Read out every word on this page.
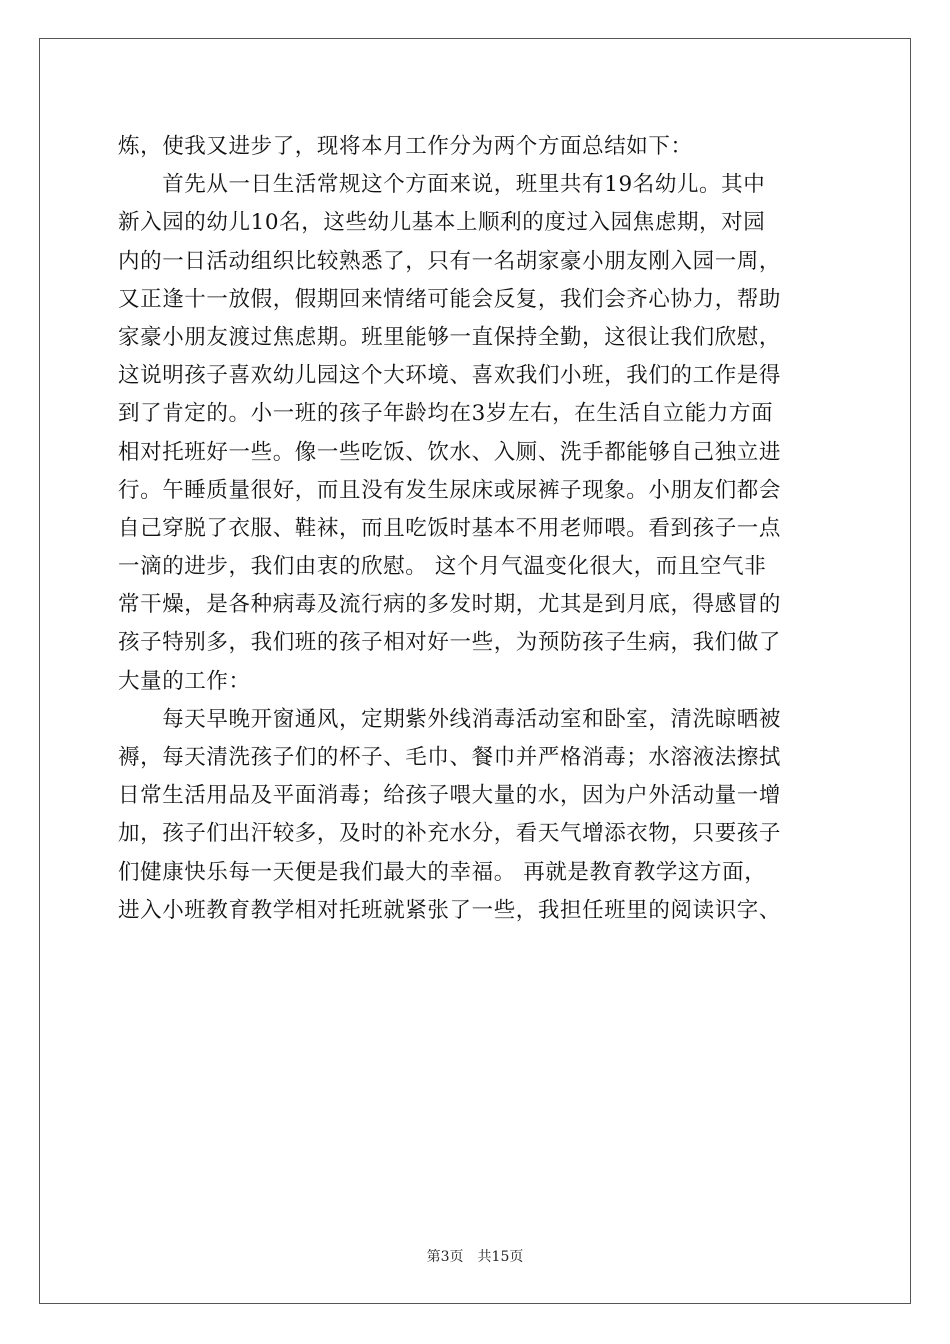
炼，使我又进步了，现将本月工作分为两个方面总结如下：
　　首先从一日生活常规这个方面来说，班里共有19名幼儿。其中
新入园的幼儿10名，这些幼儿基本上顺利的度过入园焦虑期，对园
内的一日活动组织比较熟悉了，只有一名胡家豪小朋友刚入园一周，
又正逢十一放假，假期回来情绪可能会反复，我们会齐心协力，帮助
家豪小朋友渡过焦虑期。班里能够一直保持全勤，这很让我们欣慰，
这说明孩子喜欢幼儿园这个大环境、喜欢我们小班，我们的工作是得
到了肯定的。小一班的孩子年龄均在3岁左右，在生活自立能力方面
相对托班好一些。像一些吃饭、饮水、入厕、洗手都能够自己独立进
行。午睡质量很好，而且没有发生尿床或尿裤子现象。小朋友们都会
自己穿脱了衣服、鞋袜，而且吃饭时基本不用老师喂。看到孩子一点
一滴的进步，我们由衷的欣慰。 这个月气温变化很大，而且空气非
常干燥，是各种病毒及流行病的多发时期，尤其是到月底，得感冒的
孩子特别多，我们班的孩子相对好一些，为预防孩子生病，我们做了
大量的工作：
　　每天早晚开窗通风，定期紫外线消毒活动室和卧室，清洗晾晒被
褥，每天清洗孩子们的杯子、毛巾、餐巾并严格消毒；水溶液法擦拭
日常生活用品及平面消毒；给孩子喂大量的水，因为户外活动量一增
加，孩子们出汗较多，及时的补充水分，看天气增添衣物，只要孩子
们健康快乐每一天便是我们最大的幸福。 再就是教育教学这方面，
进入小班教育教学相对托班就紧张了一些，我担任班里的阅读识字、
第3页　共15页
